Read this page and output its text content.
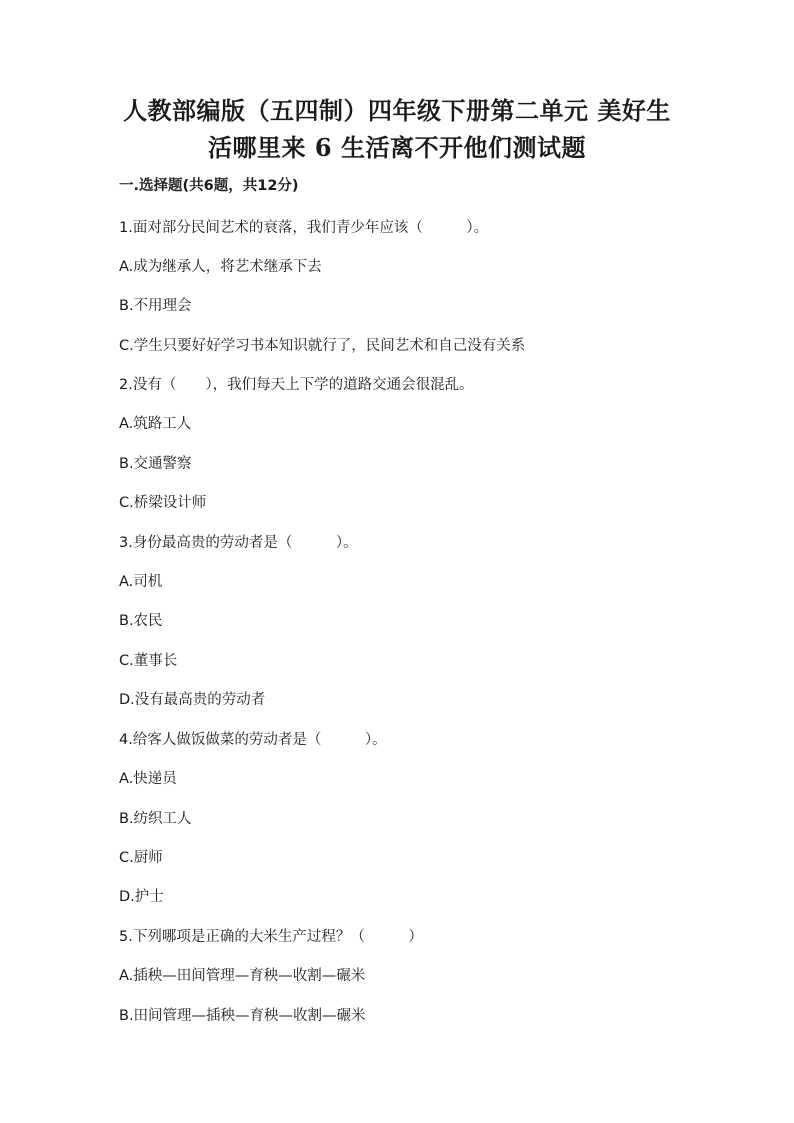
人教部编版（五四制）四年级下册第二单元 美好生
活哪里来 6 生活离不开他们测试题
一.选择题(共6题，共12分)
1.面对部分民间艺术的衰落，我们青少年应该（　　　）。
A.成为继承人，将艺术继承下去
B.不用理会
C.学生只要好好学习书本知识就行了，民间艺术和自己没有关系
2.没有（　　），我们每天上下学的道路交通会很混乱。
A.筑路工人
B.交通警察
C.桥梁设计师
3.身份最高贵的劳动者是（　　　）。
A.司机
B.农民
C.董事长
D.没有最高贵的劳动者
4.给客人做饭做菜的劳动者是（　　　）。
A.快递员
B.纺织工人
C.厨师
D.护士
5.下列哪项是正确的大米生产过程？（　　　）
A.插秧—田间管理—育秧—收割—碾米
B.田间管理—插秧—育秧—收割—碾米
